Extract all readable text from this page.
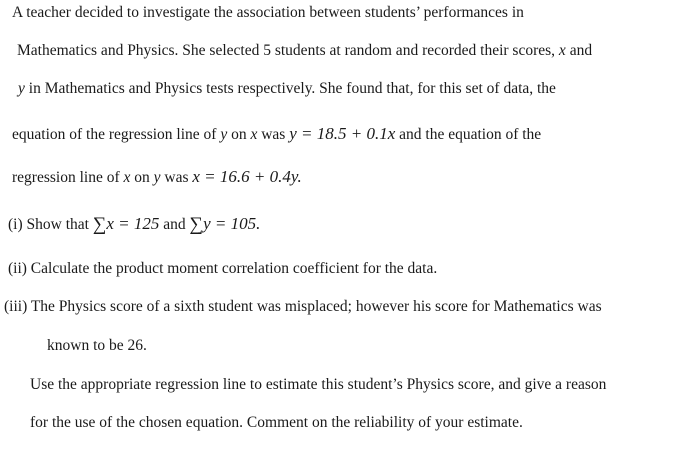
A teacher decided to investigate the association between students’ performances in
Mathematics and Physics. She selected 5 students at random and recorded their scores, x and
y in Mathematics and Physics tests respectively. She found that, for this set of data, the
equation of the regression line of y on x was y = 18.5 + 0.1x and the equation of the
regression line of x on y was x = 16.6 + 0.4y.
(i) Show that ∑x = 125 and ∑y = 105.
(ii) Calculate the product moment correlation coefficient for the data.
(iii) The Physics score of a sixth student was misplaced; however his score for Mathematics was
known to be 26.
Use the appropriate regression line to estimate this student’s Physics score, and give a reason
for the use of the chosen equation. Comment on the reliability of your estimate.
